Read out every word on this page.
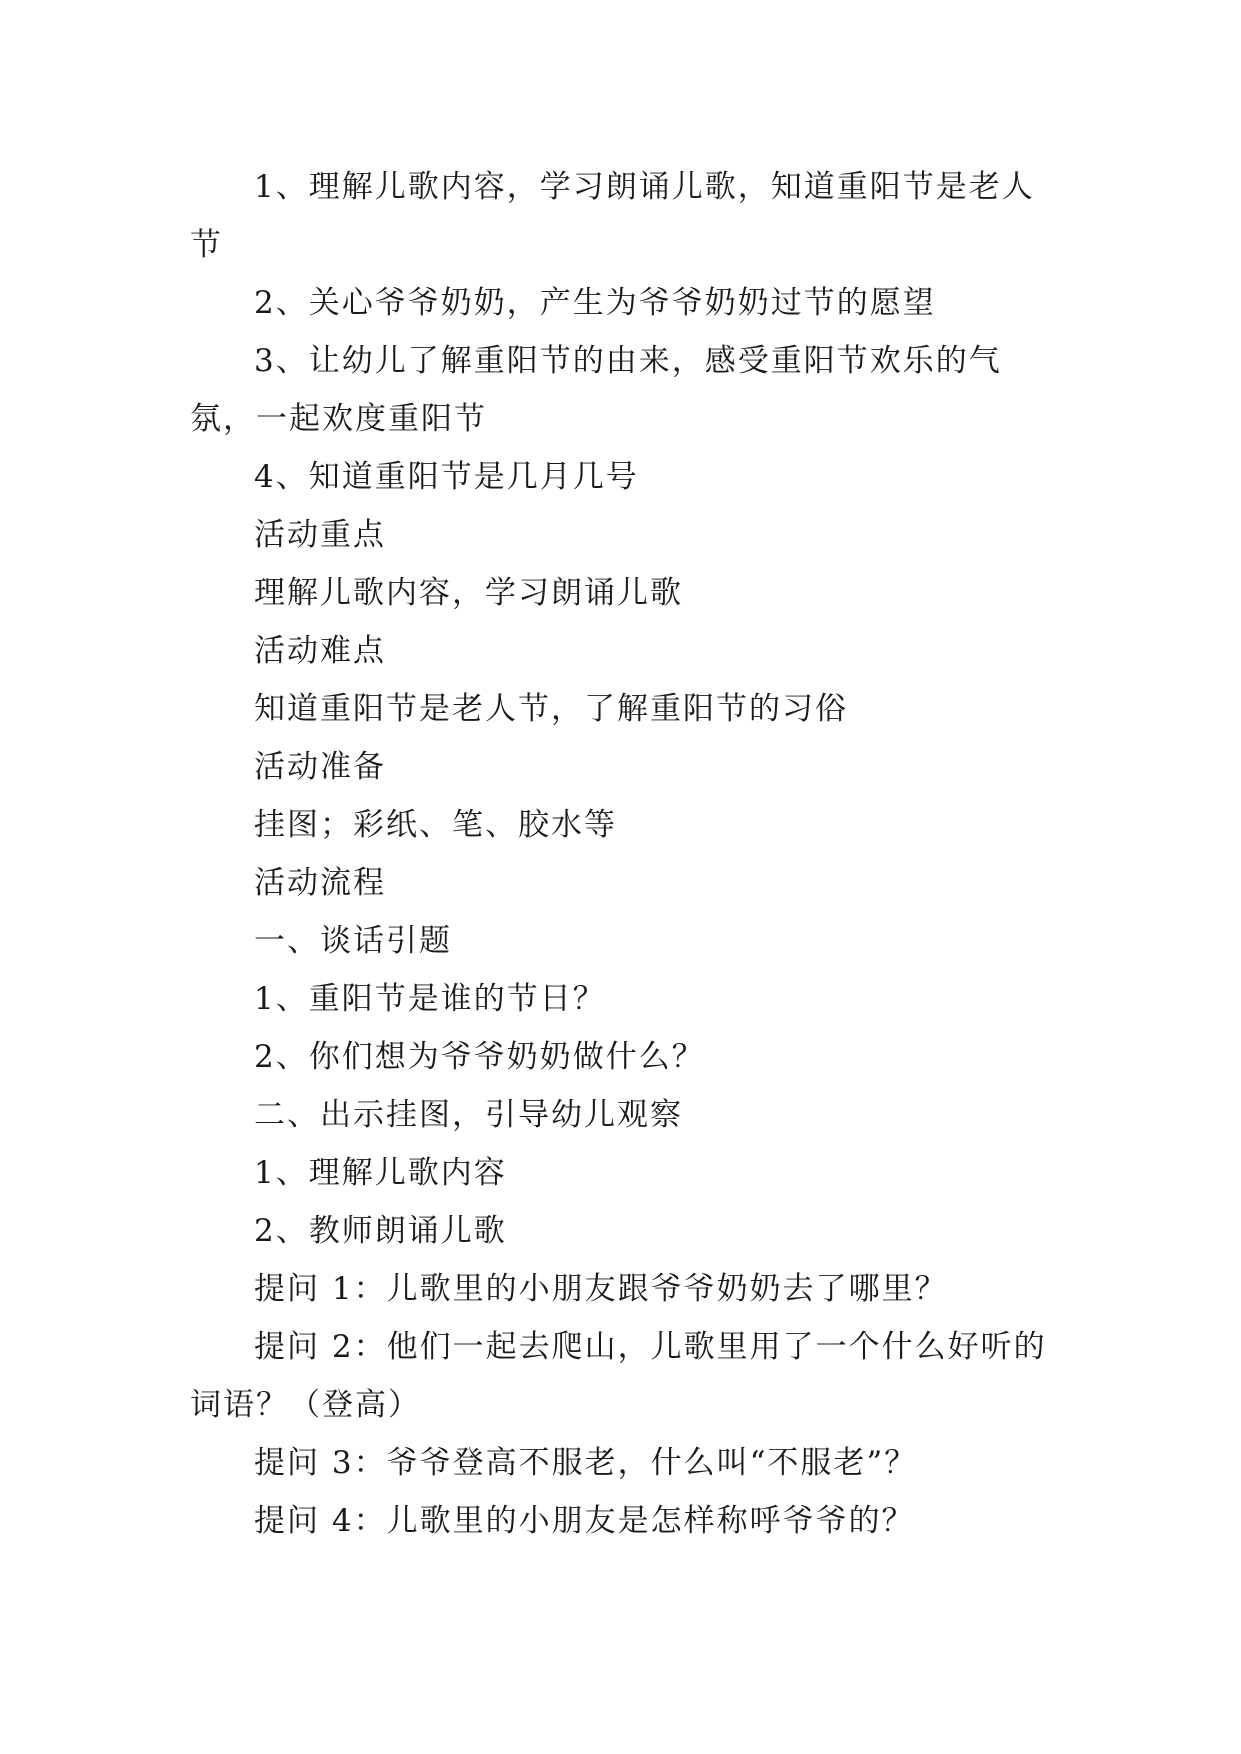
1、理解儿歌内容，学习朗诵儿歌，知道重阳节是老人节

2、关心爷爷奶奶，产生为爷爷奶奶过节的愿望

3、让幼儿了解重阳节的由来，感受重阳节欢乐的气氛，一起欢度重阳节

4、知道重阳节是几月几号

活动重点

理解儿歌内容，学习朗诵儿歌

活动难点

知道重阳节是老人节，了解重阳节的习俗

活动准备

挂图；彩纸、笔、胶水等

活动流程

一、谈话引题

1、重阳节是谁的节日？

2、你们想为爷爷奶奶做什么？

二、出示挂图，引导幼儿观察

1、理解儿歌内容

2、教师朗诵儿歌

提问 1：儿歌里的小朋友跟爷爷奶奶去了哪里？

提问 2：他们一起去爬山，儿歌里用了一个什么好听的词语？（登高）

提问 3：爷爷登高不服老，什么叫“不服老”？

提问 4：儿歌里的小朋友是怎样称呼爷爷的？
